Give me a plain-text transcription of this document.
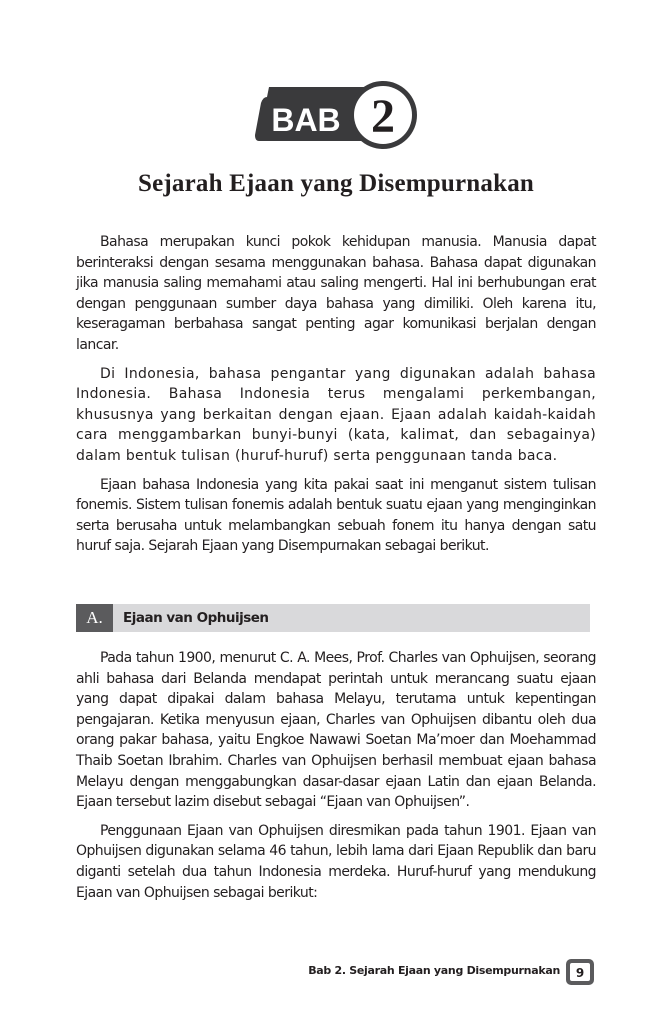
BAB 2
Sejarah Ejaan yang Disempurnakan

Bahasa merupakan kunci pokok kehidupan manusia. Manusia dapat berinteraksi dengan sesama menggunakan bahasa. Bahasa dapat digunakan jika manusia saling memahami atau saling mengerti. Hal ini berhubungan erat dengan penggunaan sumber daya bahasa yang dimiliki. Oleh karena itu, keseragaman berbahasa sangat penting agar komunikasi berjalan dengan lancar.

Di Indonesia, bahasa pengantar yang digunakan adalah bahasa Indonesia. Bahasa Indonesia terus mengalami perkembangan, khususnya yang berkaitan dengan ejaan. Ejaan adalah kaidah-kaidah cara menggambarkan bunyi-bunyi (kata, kalimat, dan sebagainya) dalam bentuk tulisan (huruf-huruf) serta penggunaan tanda baca.

Ejaan bahasa Indonesia yang kita pakai saat ini menganut sistem tulisan fonemis. Sistem tulisan fonemis adalah bentuk suatu ejaan yang menginginkan serta berusaha untuk melambangkan sebuah fonem itu hanya dengan satu huruf saja. Sejarah Ejaan yang Disempurnakan sebagai berikut.

A.	Ejaan van Ophuijsen

Pada tahun 1900, menurut C. A. Mees, Prof. Charles van Ophuijsen, seorang ahli bahasa dari Belanda mendapat perintah untuk merancang suatu ejaan yang dapat dipakai dalam bahasa Melayu, terutama untuk kepentingan pengajaran. Ketika menyusun ejaan, Charles van Ophuijsen dibantu oleh dua orang pakar bahasa, yaitu Engkoe Nawawi Soetan Ma’moer dan Moehammad Thaib Soetan Ibrahim. Charles van Ophuijsen berhasil membuat ejaan bahasa Melayu dengan menggabungkan dasar-dasar ejaan Latin dan ejaan Belanda. Ejaan tersebut lazim disebut sebagai “Ejaan van Ophuijsen”.

Penggunaan Ejaan van Ophuijsen diresmikan pada tahun 1901. Ejaan van Ophuijsen digunakan selama 46 tahun, lebih lama dari Ejaan Republik dan baru diganti setelah dua tahun Indonesia merdeka. Huruf-huruf yang mendukung Ejaan van Ophuijsen sebagai berikut:

Bab 2. Sejarah Ejaan yang Disempurnakan 9
